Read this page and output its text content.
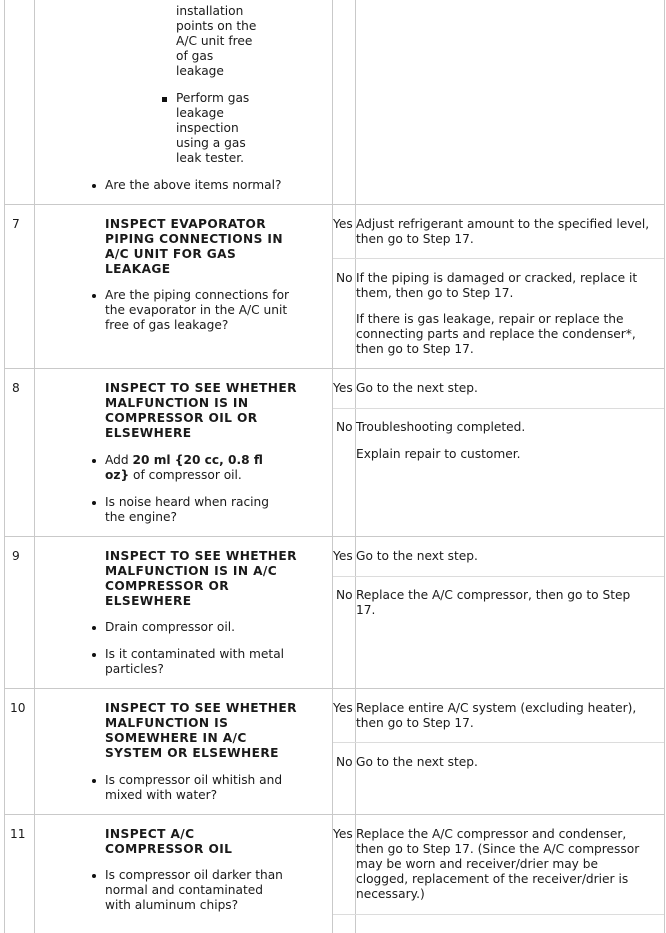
installation
points on the
A/C unit free
of gas
leakage
Perform gas
leakage
inspection
using a gas
leak tester.
Are the above items normal?
7	INSPECT EVAPORATOR
PIPING CONNECTIONS IN
A/C UNIT FOR GAS
LEAKAGE
Are the piping connections for
the evaporator in the A/C unit
free of gas leakage?
Yes Adjust refrigerant amount to the specified level,
then go to Step 17.
No If the piping is damaged or cracked, replace it
them, then go to Step 17.
If there is gas leakage, repair or replace the
connecting parts and replace the condenser*,
then go to Step 17.
8	INSPECT TO SEE WHETHER
MALFUNCTION IS IN
COMPRESSOR OIL OR
ELSEWHERE
Add 20 ml {20 cc, 0.8 fl
oz} of compressor oil.
Is noise heard when racing
the engine?
Yes Go to the next step.
No Troubleshooting completed.
Explain repair to customer.
9	INSPECT TO SEE WHETHER
MALFUNCTION IS IN A/C
COMPRESSOR OR
ELSEWHERE
Drain compressor oil.
Is it contaminated with metal
particles?
Yes Go to the next step.
No Replace the A/C compressor, then go to Step
17.
10	INSPECT TO SEE WHETHER
MALFUNCTION IS
SOMEWHERE IN A/C
SYSTEM OR ELSEWHERE
Is compressor oil whitish and
mixed with water?
Yes Replace entire A/C system (excluding heater),
then go to Step 17.
No Go to the next step.
11	INSPECT A/C
COMPRESSOR OIL
Is compressor oil darker than
normal and contaminated
with aluminum chips?
Yes Replace the A/C compressor and condenser,
then go to Step 17. (Since the A/C compressor
may be worn and receiver/drier may be
clogged, replacement of the receiver/drier is
necessary.)
